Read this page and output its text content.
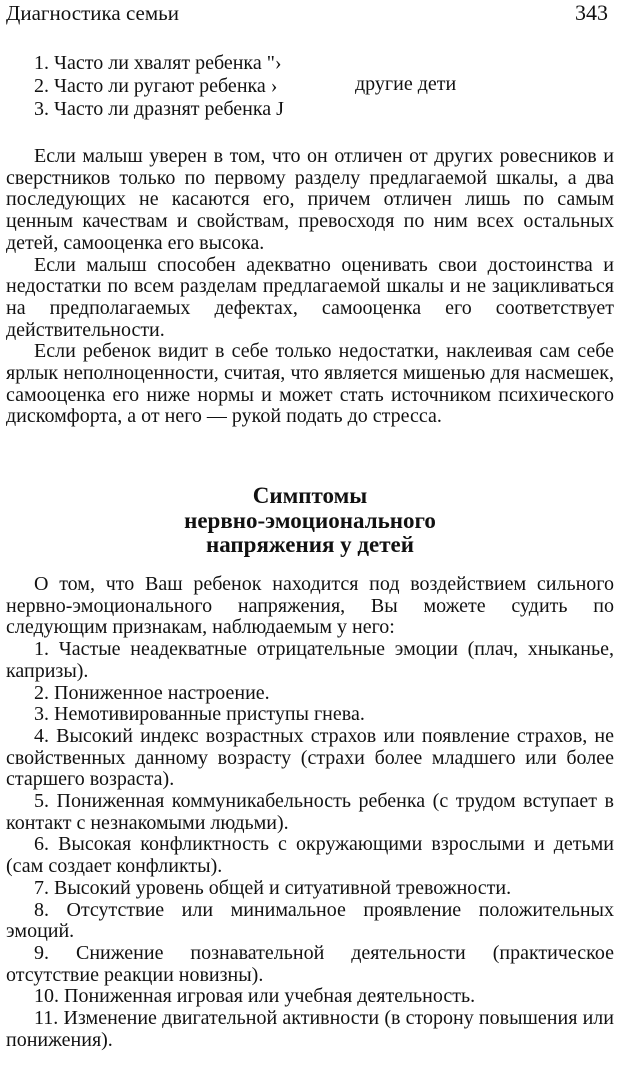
Диагностика семьи	343
1. Часто ли хвалят ребенка "›
2. Часто ли ругают ребенка ›
3. Часто ли дразнят ребенка J
другие дети

Если малыш уверен в том, что он отличен от других ровесников и сверстников только по первому разделу предлагаемой шкалы, а два последующих не касаются его, причем отличен лишь по самым ценным качествам и свойствам, превосходя по ним всех остальных детей, самооценка его высока.

Если малыш способен адекватно оценивать свои достоинства и недостатки по всем разделам предлагаемой шкалы и не зацикливаться на предполагаемых дефектах, самооценка его соответствует действительности.

Если ребенок видит в себе только недостатки, наклеивая сам себе ярлык неполноценности, считая, что является мишенью для насмешек, самооценка его ниже нормы и может стать источником психического дискомфорта, а от него — рукой подать до стресса.

Симптомы
нервно-эмоционального
напряжения у детей

О том, что Ваш ребенок находится под воздействием сильного нервно-эмоционального напряжения, Вы можете судить по следующим признакам, наблюдаемым у него:

1. Частые неадекватные отрицательные эмоции (плач, хныканье, капризы).

2. Пониженное настроение.

3. Немотивированные приступы гнева.

4. Высокий индекс возрастных страхов или появление страхов, не свойственных данному возрасту (страхи более младшего или более старшего возраста).

5. Пониженная коммуникабельность ребенка (с трудом вступает в контакт с незнакомыми людьми).

6. Высокая конфликтность с окружающими взрослыми и детьми (сам создает конфликты).

7. Высокий уровень общей и ситуативной тревожности.

8. Отсутствие или минимальное проявление положительных эмоций.

9. Снижение познавательной деятельности (практическое отсутствие реакции новизны).

10. Пониженная игровая или учебная деятельность.

11. Изменение двигательной активности (в сторону повышения или понижения).
